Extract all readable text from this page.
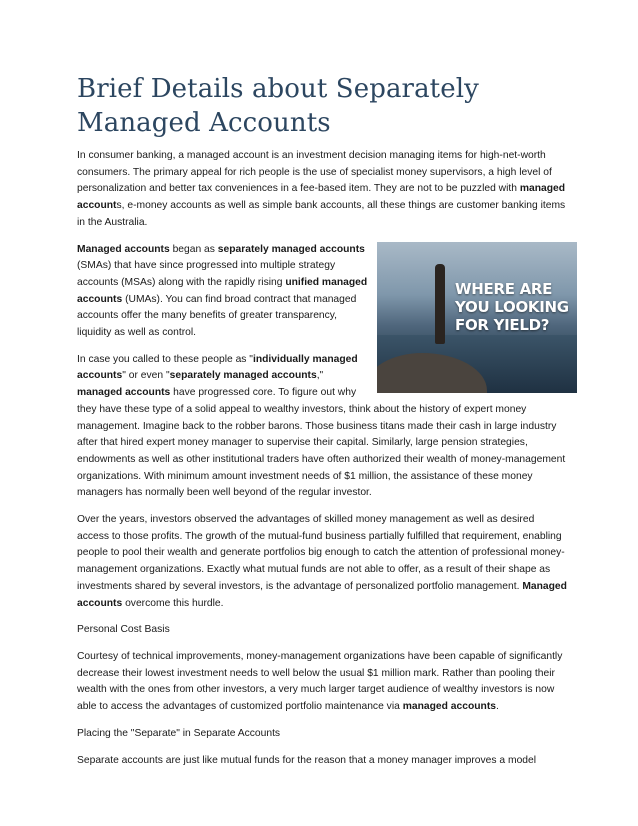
Brief Details about Separately Managed Accounts

In consumer banking, a managed account is an investment decision managing items for high-net-worth consumers. The primary appeal for rich people is the use of specialist money supervisors, a high level of personalization and better tax conveniences in a fee-based item. They are not to be puzzled with managed accounts, e-money accounts as well as simple bank accounts, all these things are customer banking items in the Australia.

WHERE ARE YOU LOOKING FOR YIELD?

Managed accounts began as separately managed accounts (SMAs) that have since progressed into multiple strategy accounts (MSAs) along with the rapidly rising unified managed accounts (UMAs). You can find broad contract that managed accounts offer the many benefits of greater transparency, liquidity as well as control.

In case you called to these people as "individually managed accounts" or even "separately managed accounts," managed accounts have progressed core. To figure out why they have these type of a solid appeal to wealthy investors, think about the history of expert money management. Imagine back to the robber barons. Those business titans made their cash in large industry after that hired expert money manager to supervise their capital. Similarly, large pension strategies, endowments as well as other institutional traders have often authorized their wealth of money-management organizations. With minimum amount investment needs of $1 million, the assistance of these money managers has normally been well beyond of the regular investor.

Over the years, investors observed the advantages of skilled money management as well as desired access to those profits. The growth of the mutual-fund business partially fulfilled that requirement, enabling people to pool their wealth and generate portfolios big enough to catch the attention of professional money-management organizations. Exactly what mutual funds are not able to offer, as a result of their shape as investments shared by several investors, is the advantage of personalized portfolio management. Managed accounts overcome this hurdle.

Personal Cost Basis

Courtesy of technical improvements, money-management organizations have been capable of significantly decrease their lowest investment needs to well below the usual $1 million mark. Rather than pooling their wealth with the ones from other investors, a very much larger target audience of wealthy investors is now able to access the advantages of customized portfolio maintenance via managed accounts.

Placing the "Separate" in Separate Accounts

Separate accounts are just like mutual funds for the reason that a money manager improves a model
